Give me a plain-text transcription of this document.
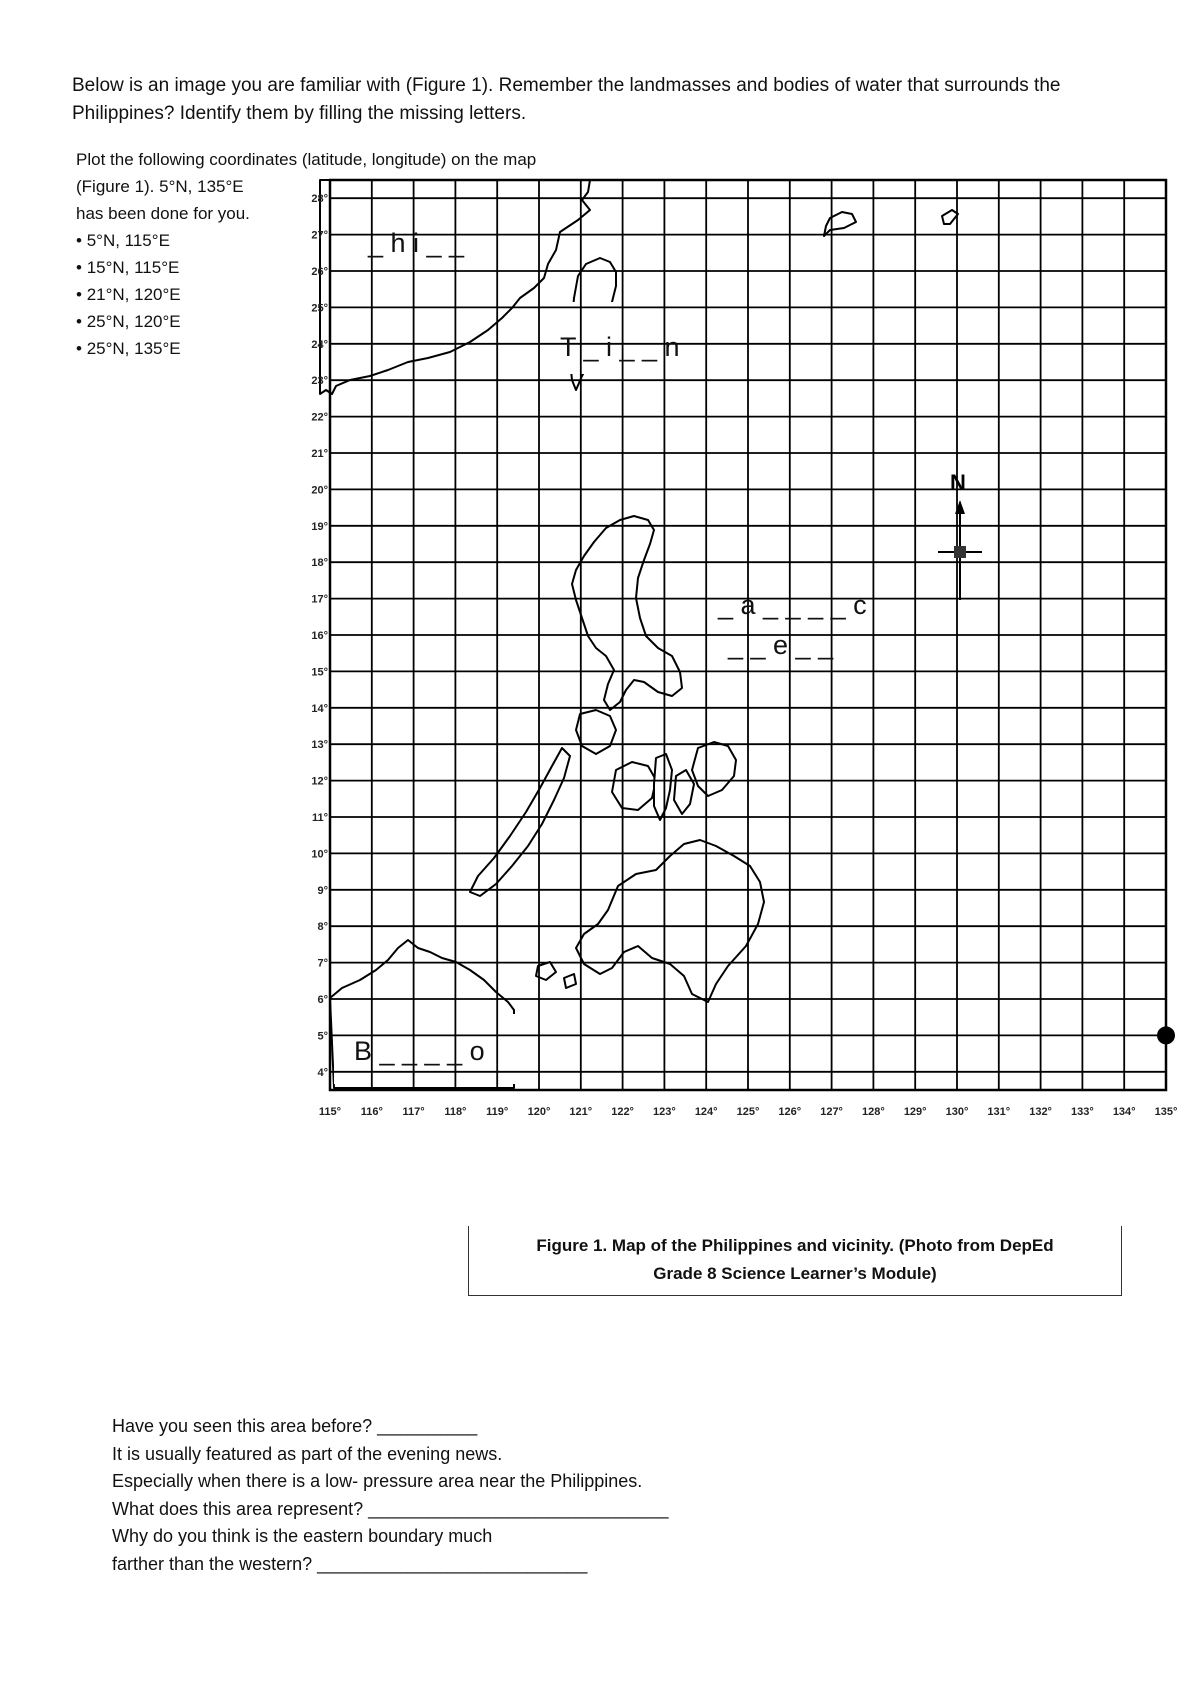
Below is an image you are familiar with (Figure 1). Remember the landmasses and bodies of water that surrounds the
Philippines? Identify them by filling the missing letters.
Plot the following coordinates (latitude, longitude) on the map
(Figure 1). 5°N, 135°E
has been done for you.
• 5°N, 115°E
• 15°N, 115°E
• 21°N, 120°E
• 25°N, 120°E
• 25°N, 135°E
28°
27°
26°
25°
24°
23°
22°
21°
20°
19°
18°
17°
16°
15°
14°
13°
12°
11°
10°
9°
8°
7°
6°
5°
4°
115° 116° 117° 118° 119° 120° 121° 122° 123° 124° 125° 126° 127° 128° 129° 130° 131° 132° 133° 134° 135°
_ h i _ _
T _ i _ _ n
_ a _ _ _ _ c
_ _ e _ _
B _ _ _ _ o
N
Figure 1. Map of the Philippines and vicinity. (Photo from DepEd
Grade 8 Science Learner’s Module)
Have you seen this area before? __________
It is usually featured as part of the evening news.
Especially when there is a low- pressure area near the Philippines.
What does this area represent? ______________________________
Why do you think is the eastern boundary much
farther than the western? ___________________________
